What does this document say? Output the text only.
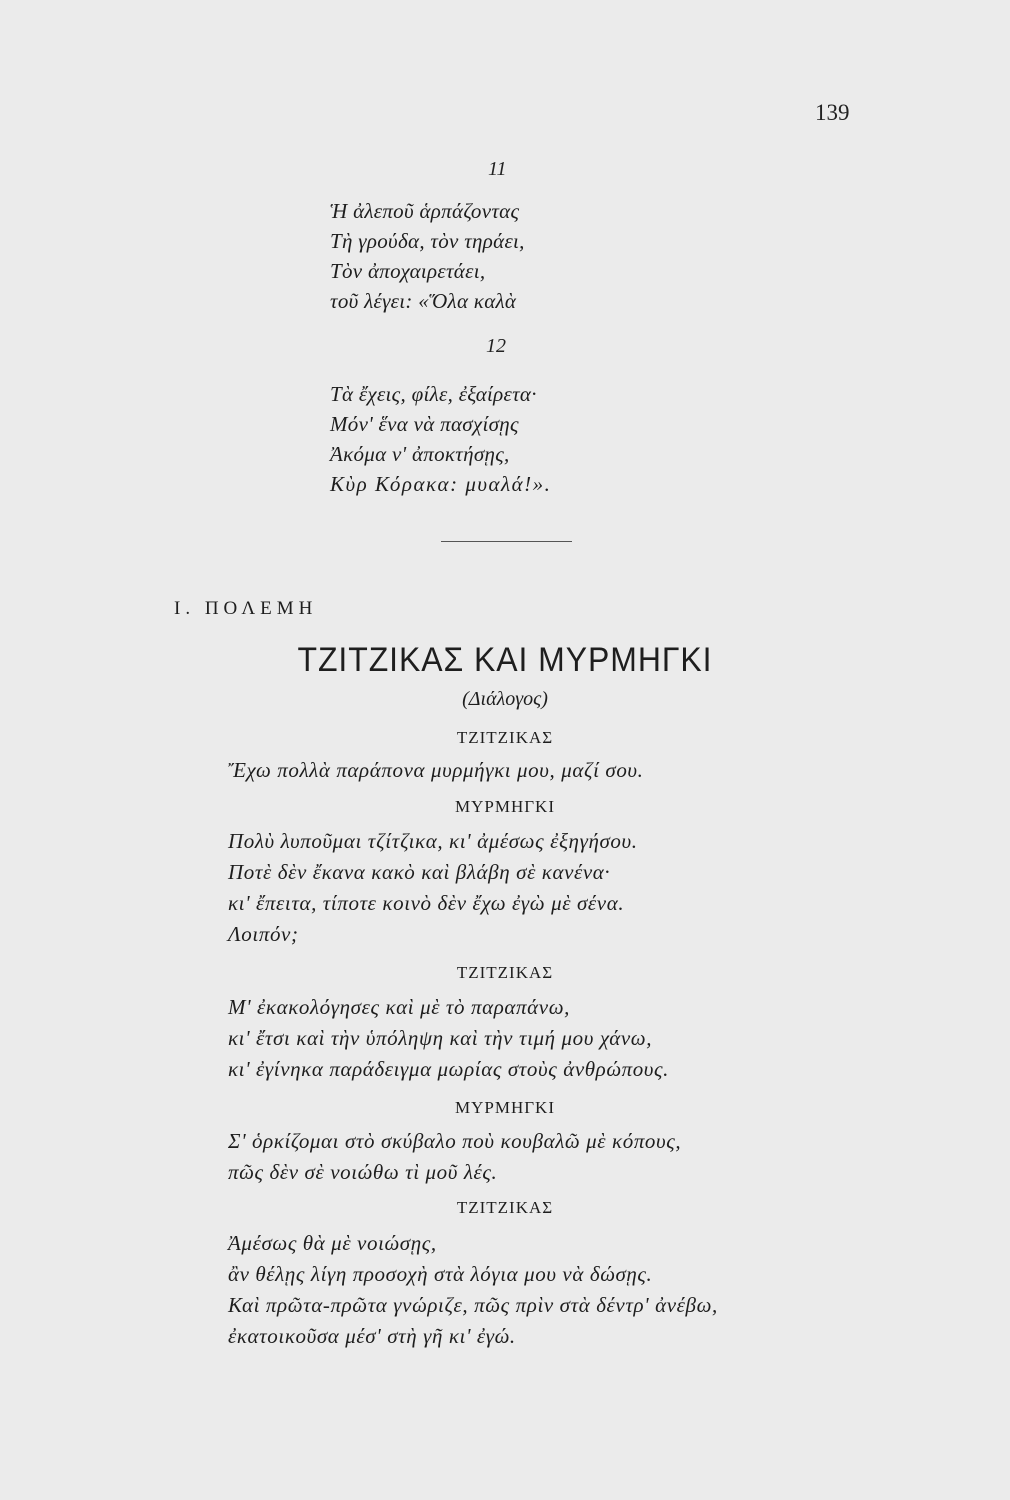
139
11
Ἡ ἀλεποῦ ἁρπάζοντας
Τὴ γρούδα, τὸν τηράει,
Τὸν ἀποχαιρετάει,
τοῦ λέγει: «Ὅλα καλὰ
12
Τὰ ἔχεις, φίλε, ἐξαίρετα·
Μόν' ἕνα νὰ πασχίσῃς
Ἀκόμα ν' ἀποκτήσῃς,
Κὺρ Κόρακα: μυαλά!».
Ι. ΠΟΛΕΜΗ
ΤΖΙΤΖΙΚΑΣ ΚΑΙ ΜΥΡΜΗΓΚΙ
(Διάλογος)
ΤΖΙΤΖΙΚΑΣ
Ἔχω πολλὰ παράπονα μυρμήγκι μου, μαζί σου.
ΜΥΡΜΗΓΚΙ
Πολὺ λυποῦμαι τζίτζικα, κι' ἀμέσως ἐξηγήσου.
Ποτὲ δὲν ἔκανα κακὸ καὶ βλάβη σὲ κανένα·
κι' ἔπειτα, τίποτε κοινὸ δὲν ἔχω ἐγὼ μὲ σένα.
Λοιπόν;
ΤΖΙΤΖΙΚΑΣ
Μ' ἐκακολόγησες καὶ μὲ τὸ παραπάνω,
κι' ἔτσι καὶ τὴν ὑπόληψη καὶ τὴν τιμή μου χάνω,
κι' ἐγίνηκα παράδειγμα μωρίας στοὺς ἀνθρώπους.
ΜΥΡΜΗΓΚΙ
Σ' ὁρκίζομαι στὸ σκύβαλο ποὺ κουβαλῶ μὲ κόπους,
πῶς δὲν σὲ νοιώθω τὶ μοῦ λές.
ΤΖΙΤΖΙΚΑΣ
Ἀμέσως θὰ μὲ νοιώσῃς,
ἂν θέλῃς λίγη προσοχὴ στὰ λόγια μου νὰ δώσῃς.
Καὶ πρῶτα-πρῶτα γνώριζε, πῶς πρὶν στὰ δέντρ' ἀνέβω,
ἐκατοικοῦσα μέσ' στὴ γῆ κι' ἐγώ.
